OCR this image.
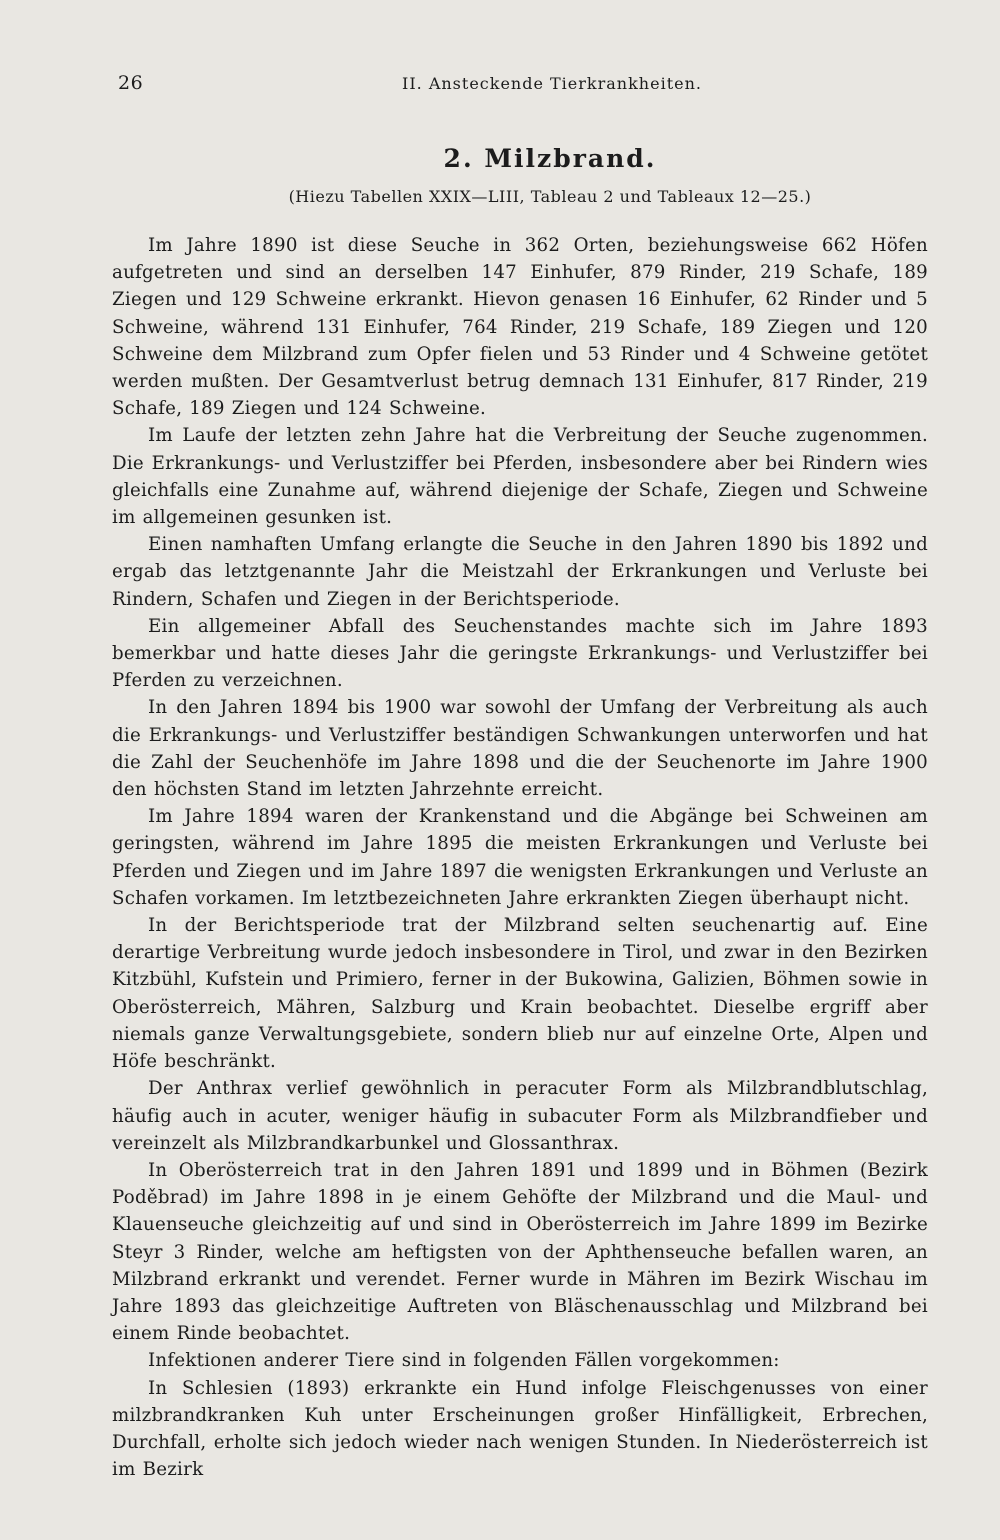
26	II. Ansteckende Tierkrankheiten.
2. Milzbrand.
(Hiezu Tabellen XXIX—LIII, Tableau 2 und Tableaux 12—25.)

Im Jahre 1890 ist diese Seuche in 362 Orten, beziehungsweise 662 Höfen aufgetreten und sind an derselben 147 Einhufer, 879 Rinder, 219 Schafe, 189 Ziegen und 129 Schweine erkrankt. Hievon genasen 16 Einhufer, 62 Rinder und 5 Schweine, während 131 Einhufer, 764 Rinder, 219 Schafe, 189 Ziegen und 120 Schweine dem Milzbrand zum Opfer fielen und 53 Rinder und 4 Schweine getötet werden mußten. Der Gesamtverlust betrug demnach 131 Einhufer, 817 Rinder, 219 Schafe, 189 Ziegen und 124 Schweine.

Im Laufe der letzten zehn Jahre hat die Verbreitung der Seuche zugenommen. Die Erkrankungs- und Verlustziffer bei Pferden, insbesondere aber bei Rindern wies gleichfalls eine Zunahme auf, während diejenige der Schafe, Ziegen und Schweine im allgemeinen gesunken ist.

Einen namhaften Umfang erlangte die Seuche in den Jahren 1890 bis 1892 und ergab das letztgenannte Jahr die Meistzahl der Erkrankungen und Verluste bei Rindern, Schafen und Ziegen in der Berichtsperiode.

Ein allgemeiner Abfall des Seuchenstandes machte sich im Jahre 1893 bemerkbar und hatte dieses Jahr die geringste Erkrankungs- und Verlustziffer bei Pferden zu verzeichnen.

In den Jahren 1894 bis 1900 war sowohl der Umfang der Verbreitung als auch die Erkrankungs- und Verlustziffer beständigen Schwankungen unterworfen und hat die Zahl der Seuchenhöfe im Jahre 1898 und die der Seuchenorte im Jahre 1900 den höchsten Stand im letzten Jahrzehnte erreicht.

Im Jahre 1894 waren der Krankenstand und die Abgänge bei Schweinen am geringsten, während im Jahre 1895 die meisten Erkrankungen und Verluste bei Pferden und Ziegen und im Jahre 1897 die wenigsten Erkrankungen und Verluste an Schafen vorkamen. Im letztbezeichneten Jahre erkrankten Ziegen überhaupt nicht.

In der Berichtsperiode trat der Milzbrand selten seuchenartig auf. Eine derartige Verbreitung wurde jedoch insbesondere in Tirol, und zwar in den Bezirken Kitzbühl, Kufstein und Primiero, ferner in der Bukowina, Galizien, Böhmen sowie in Oberösterreich, Mähren, Salzburg und Krain beobachtet. Dieselbe ergriff aber niemals ganze Verwaltungsgebiete, sondern blieb nur auf einzelne Orte, Alpen und Höfe beschränkt.

Der Anthrax verlief gewöhnlich in peracuter Form als Milzbrandblutschlag, häufig auch in acuter, weniger häufig in subacuter Form als Milzbrandfieber und vereinzelt als Milzbrandkarbunkel und Glossanthrax.

In Oberösterreich trat in den Jahren 1891 und 1899 und in Böhmen (Bezirk Poděbrad) im Jahre 1898 in je einem Gehöfte der Milzbrand und die Maul- und Klauenseuche gleichzeitig auf und sind in Oberösterreich im Jahre 1899 im Bezirke Steyr 3 Rinder, welche am heftigsten von der Aphthenseuche befallen waren, an Milzbrand erkrankt und verendet. Ferner wurde in Mähren im Bezirk Wischau im Jahre 1893 das gleichzeitige Auftreten von Bläschenausschlag und Milzbrand bei einem Rinde beobachtet.

Infektionen anderer Tiere sind in folgenden Fällen vorgekommen:

In Schlesien (1893) erkrankte ein Hund infolge Fleischgenusses von einer milzbrandkranken Kuh unter Erscheinungen großer Hinfälligkeit, Erbrechen, Durchfall, erholte sich jedoch wieder nach wenigen Stunden. In Niederösterreich ist im Bezirk
